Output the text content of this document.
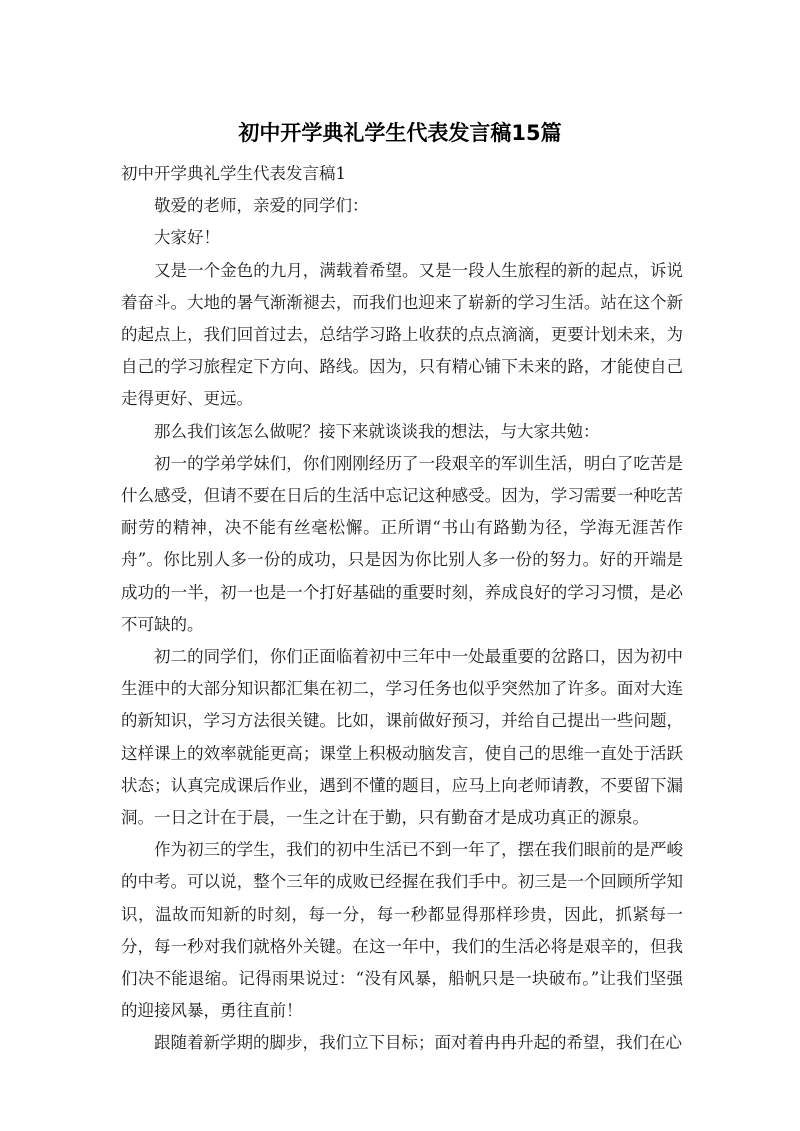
初中开学典礼学生代表发言稿15篇

初中开学典礼学生代表发言稿1

敬爱的老师，亲爱的同学们：

大家好！

又是一个金色的九月，满载着希望。又是一段人生旅程的新的起点，诉说着奋斗。大地的暑气渐渐褪去，而我们也迎来了崭新的学习生活。站在这个新的起点上，我们回首过去，总结学习路上收获的点点滴滴，更要计划未来，为自己的学习旅程定下方向、路线。因为，只有精心铺下未来的路，才能使自己走得更好、更远。

那么我们该怎么做呢？接下来就谈谈我的想法，与大家共勉：

初一的学弟学妹们，你们刚刚经历了一段艰辛的军训生活，明白了吃苦是什么感受，但请不要在日后的生活中忘记这种感受。因为，学习需要一种吃苦耐劳的精神，决不能有丝毫松懈。正所谓“书山有路勤为径，学海无涯苦作舟”。你比别人多一份的成功，只是因为你比别人多一份的努力。好的开端是成功的一半，初一也是一个打好基础的重要时刻，养成良好的学习习惯，是必不可缺的。

初二的同学们，你们正面临着初中三年中一处最重要的岔路口，因为初中生涯中的大部分知识都汇集在初二，学习任务也似乎突然加了许多。面对大连的新知识，学习方法很关键。比如，课前做好预习，并给自己提出一些问题，这样课上的效率就能更高；课堂上积极动脑发言，使自己的思维一直处于活跃状态；认真完成课后作业，遇到不懂的题目，应马上向老师请教，不要留下漏洞。一日之计在于晨，一生之计在于勤，只有勤奋才是成功真正的源泉。

作为初三的学生，我们的初中生活已不到一年了，摆在我们眼前的是严峻的中考。可以说，整个三年的成败已经握在我们手中。初三是一个回顾所学知识，温故而知新的时刻，每一分，每一秒都显得那样珍贵，因此，抓紧每一分，每一秒对我们就格外关键。在这一年中，我们的生活必将是艰辛的，但我们决不能退缩。记得雨果说过：“没有风暴，船帆只是一块破布。”让我们坚强的迎接风暴，勇往直前！

跟随着新学期的脚步，我们立下目标；面对着冉冉升起的希望，我们在心
